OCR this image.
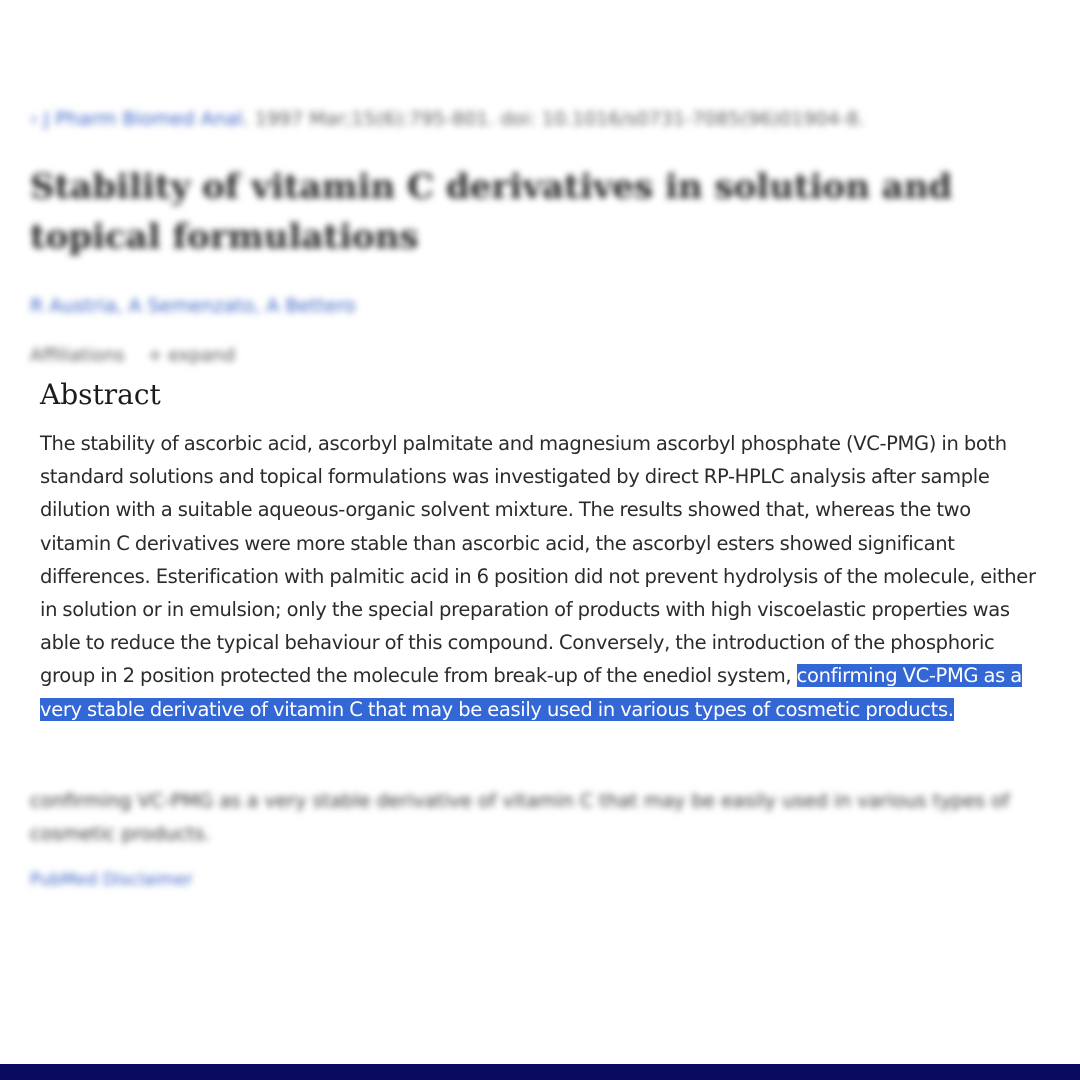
› J Pharm Biomed Anal. 1997 Mar;15(6):795-801. doi: 10.1016/s0731-7085(96)01904-8.
Stability of vitamin C derivatives in solution and topical formulations
R Austria, A Semenzato, A Bettero
Affiliations + expand
confirming VC-PMG as a very stable derivative of vitamin C that may be easily used in various types of cosmetic products.
PubMed Disclaimer
Abstract

The stability of ascorbic acid, ascorbyl palmitate and magnesium ascorbyl phosphate (VC-PMG) in both standard solutions and topical formulations was investigated by direct RP-HPLC analysis after sample dilution with a suitable aqueous-organic solvent mixture. The results showed that, whereas the two vitamin C derivatives were more stable than ascorbic acid, the ascorbyl esters showed significant differences. Esterification with palmitic acid in 6 position did not prevent hydrolysis of the molecule, either in solution or in emulsion; only the special preparation of products with high viscoelastic properties was able to reduce the typical behaviour of this compound. Conversely, the introduction of the phosphoric group in 2 position protected the molecule from break-up of the enediol system, confirming VC-PMG as a very stable derivative of vitamin C that may be easily used in various types of cosmetic products.
